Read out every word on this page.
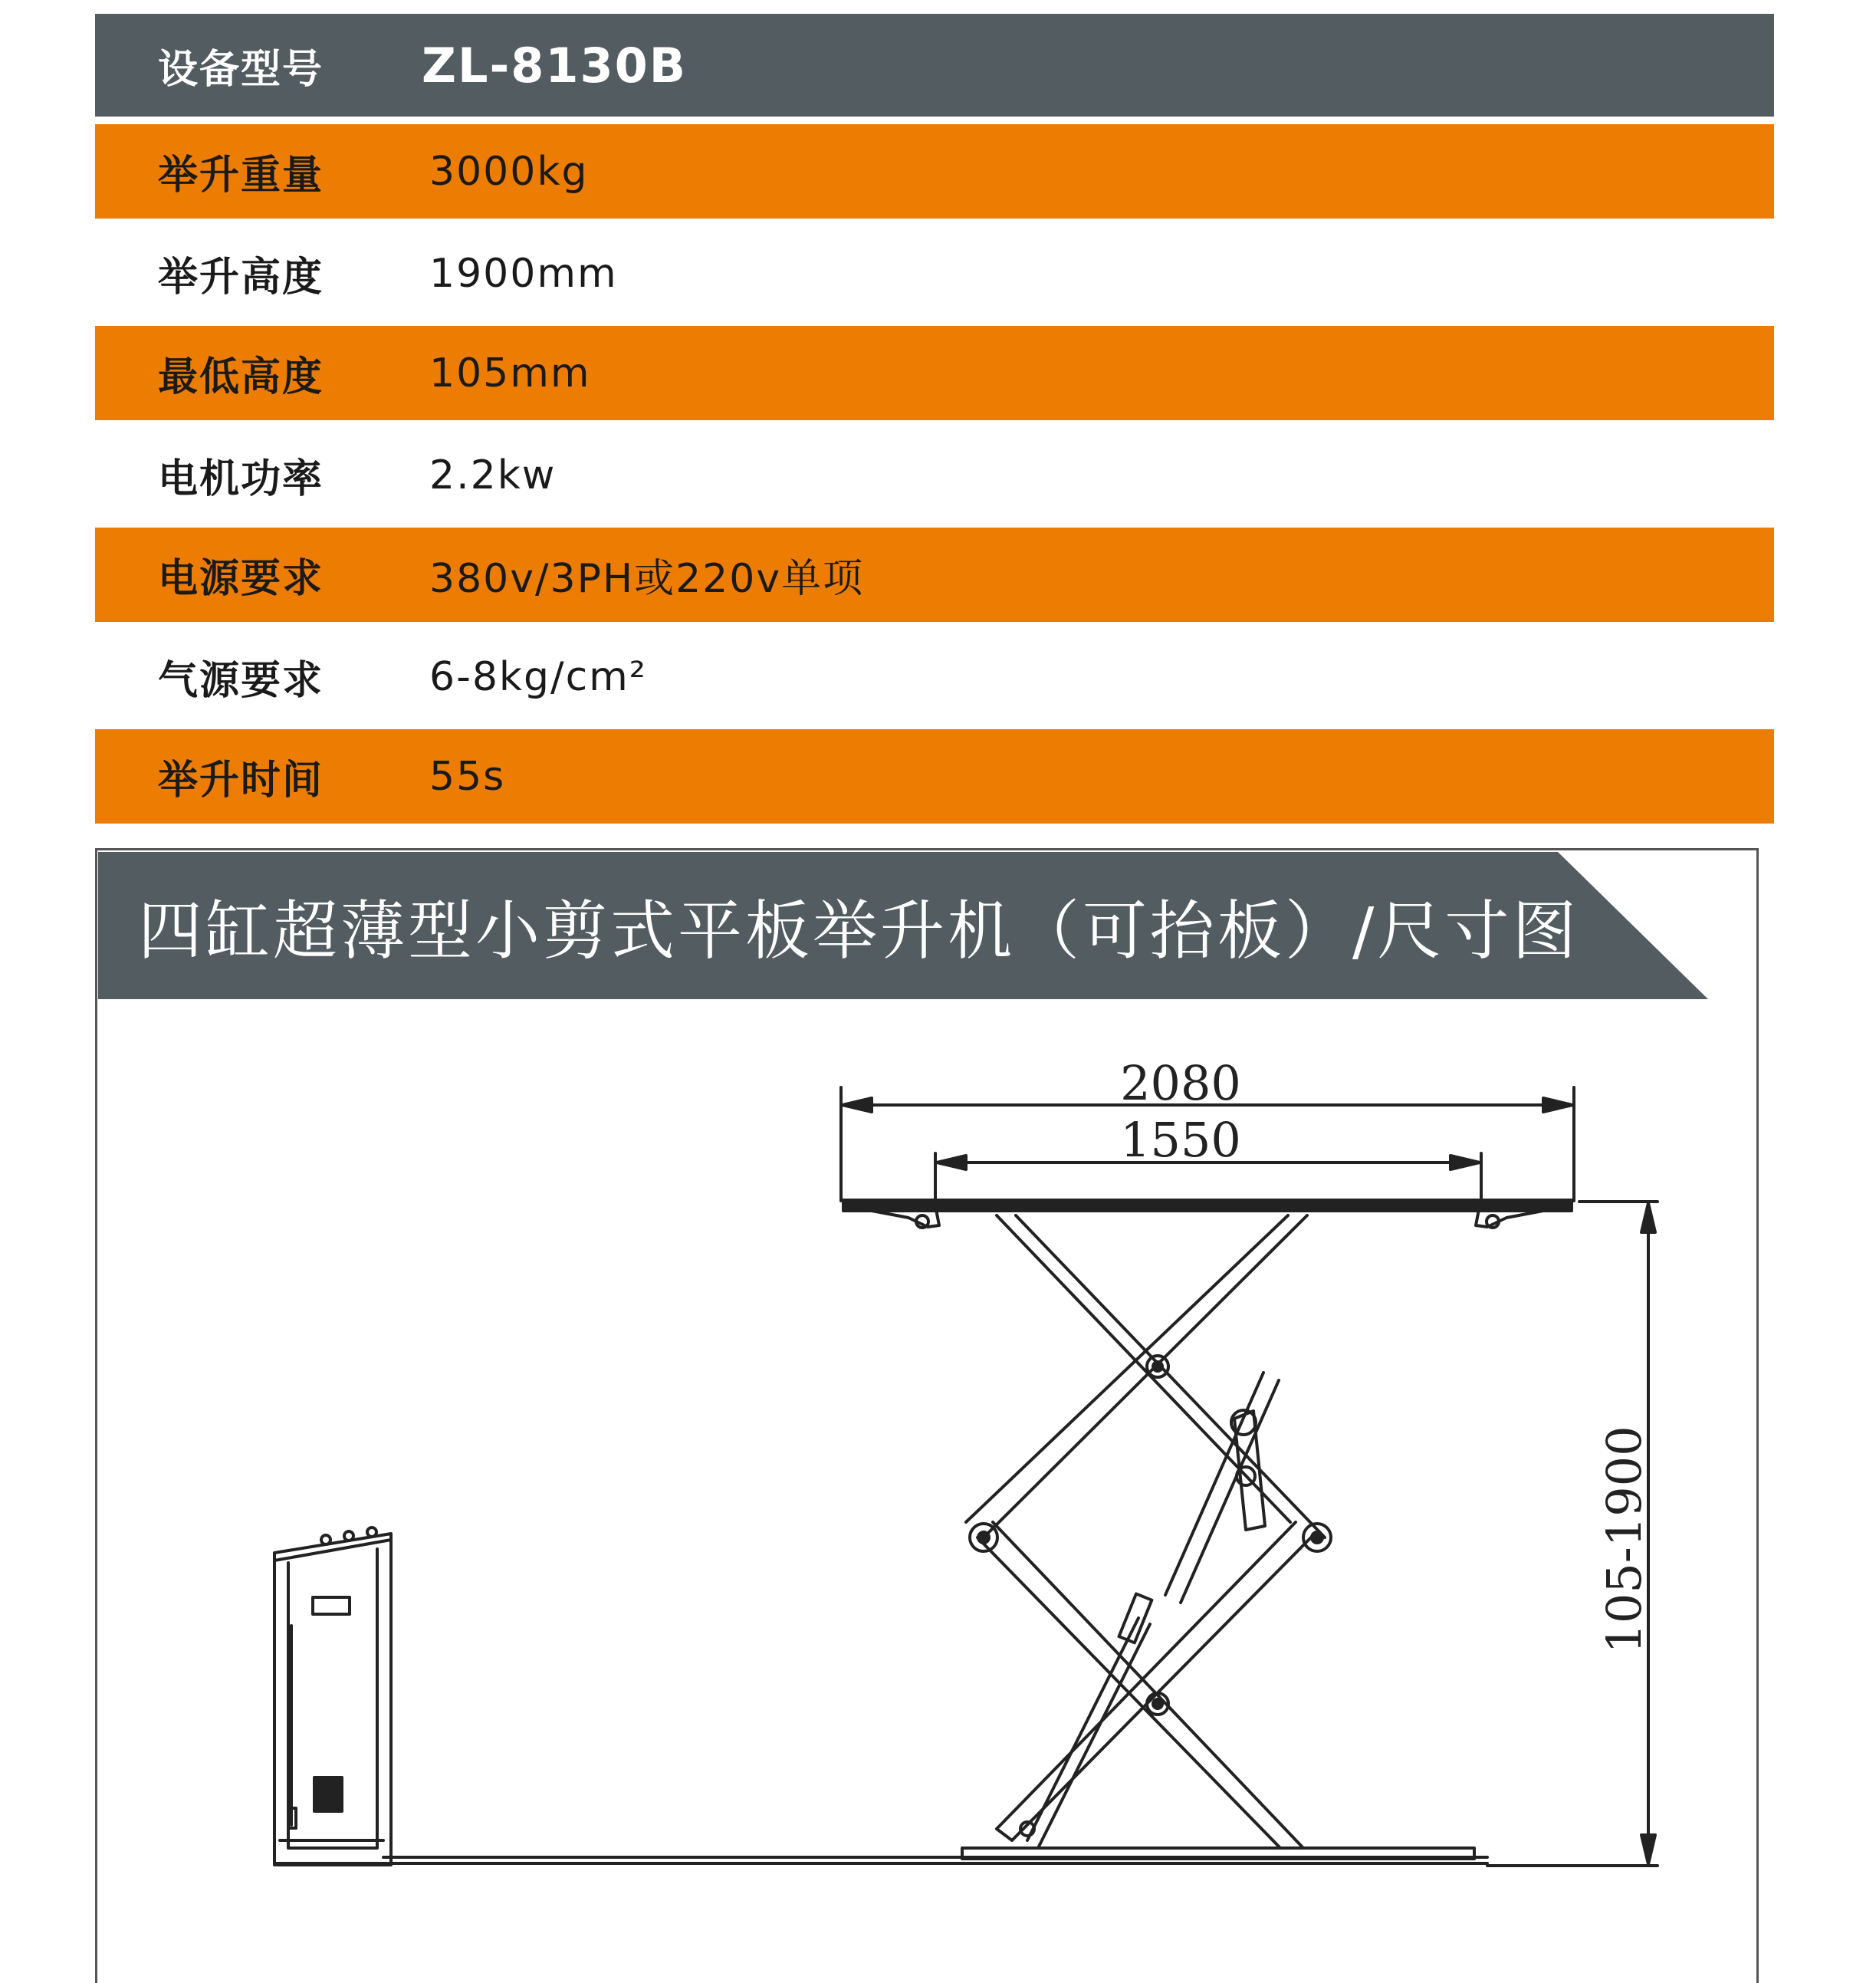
设备型号 ZL-8130B
举升重量	3000kg
举升高度	1900mm
最低高度	105mm
电机功率	2.2kw
电源要求	380v/3PH或220v单项
气源要求	6-8kg/cm²
举升时间	55s
四缸超薄型小剪式平板举升机（可抬板）/尺寸图
2080
1550
105-1900
